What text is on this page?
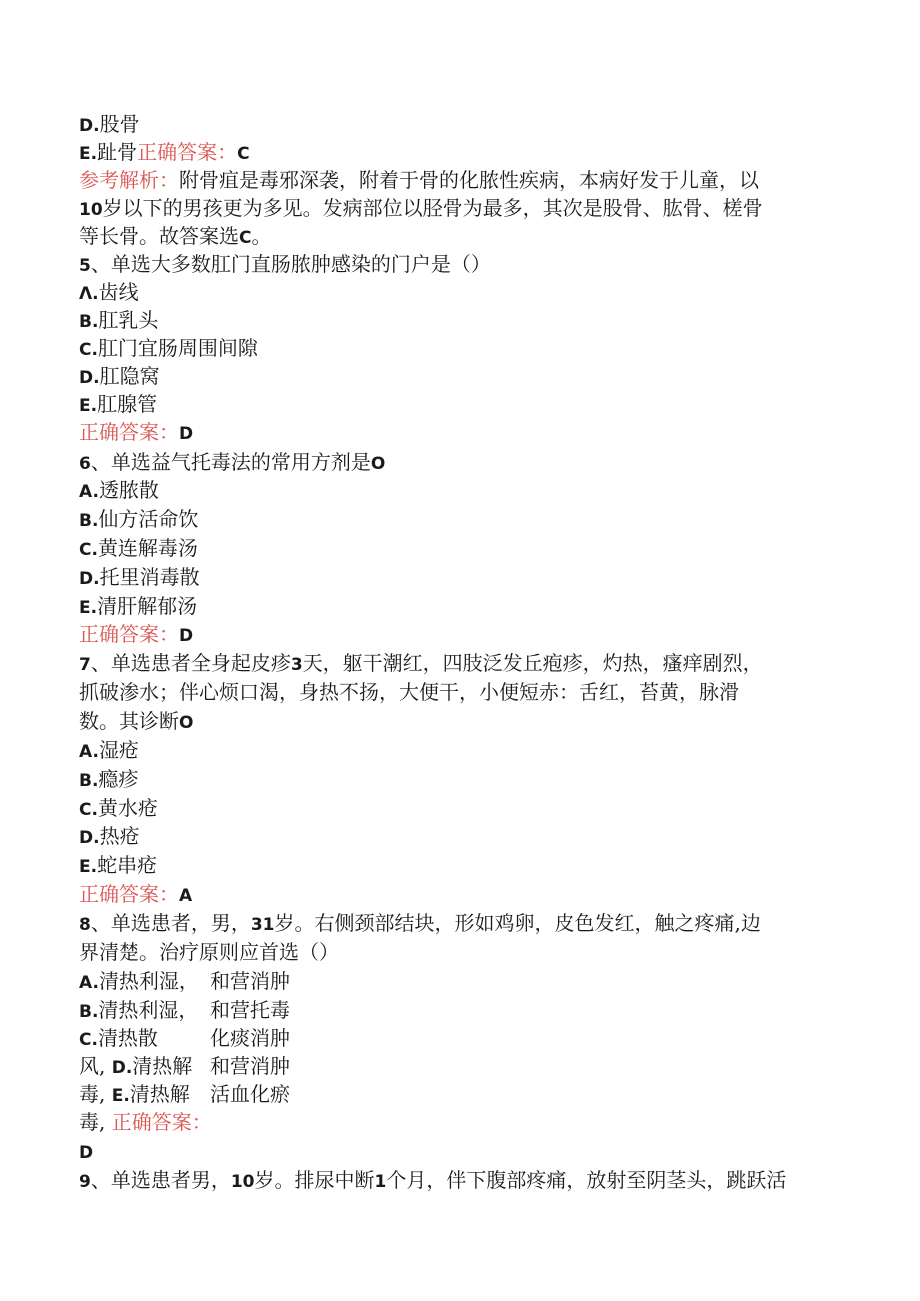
D.股骨
E.趾骨正确答案：C
参考解析：附骨疽是毒邪深袭，附着于骨的化脓性疾病，本病好发于儿童，以
10岁以下的男孩更为多见。发病部位以胫骨为最多，其次是股骨、肱骨、槎骨
等长骨。故答案选C。
5、单选大多数肛门直肠脓肿感染的门户是（）
Λ.齿线
B.肛乳头
C.肛门宜肠周围间隙
D.肛隐窝
E.肛腺管
正确答案：D
6、单选益气托毒法的常用方剂是O
A.透脓散
B.仙方活命饮
C.黄连解毒汤
D.托里消毒散
E.清肝解郁汤
正确答案：D
7、单选患者全身起皮疹3天，躯干潮红，四肢泛发丘疱疹，灼热，瘙痒剧烈，
抓破渗水；伴心烦口渴，身热不扬，大便干，小便短赤：舌红，苔黄，脉滑
数。其诊断O
A.湿疮
B.瘾疹
C.黄水疮
D.热疮
E.蛇串疮
正确答案：A
8、单选患者，男，31岁。右侧颈部结块，形如鸡卵，皮色发红，触之疼痛,边
界清楚。治疗原则应首选（）
A.清热利湿， 和营消肿
B.清热利湿， 和营托毒
C.清热散	化痰消肿
风, D.清热解 和营消肿
毒, E.清热解 活血化瘀
毒, 正确答案：
D
9、单选患者男，10岁。排尿中断1个月，伴下腹部疼痛，放射至阴茎头，跳跃活
